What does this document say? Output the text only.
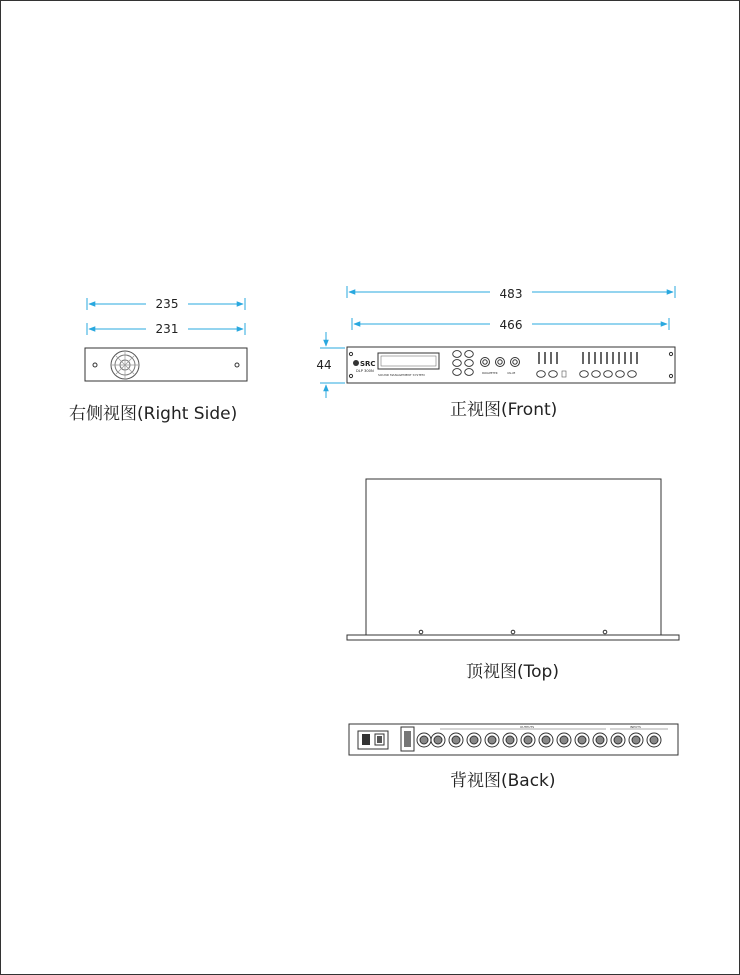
235
231
483
466
44	SRC
DLP 300N
SOUND MANAGEMENT SYSTEM	PARAMETER	VALUE
OUTPUTS	INPUTS
右侧视图(Right Side)	正视图(Front)
顶视图(Top)
背视图(Back)
